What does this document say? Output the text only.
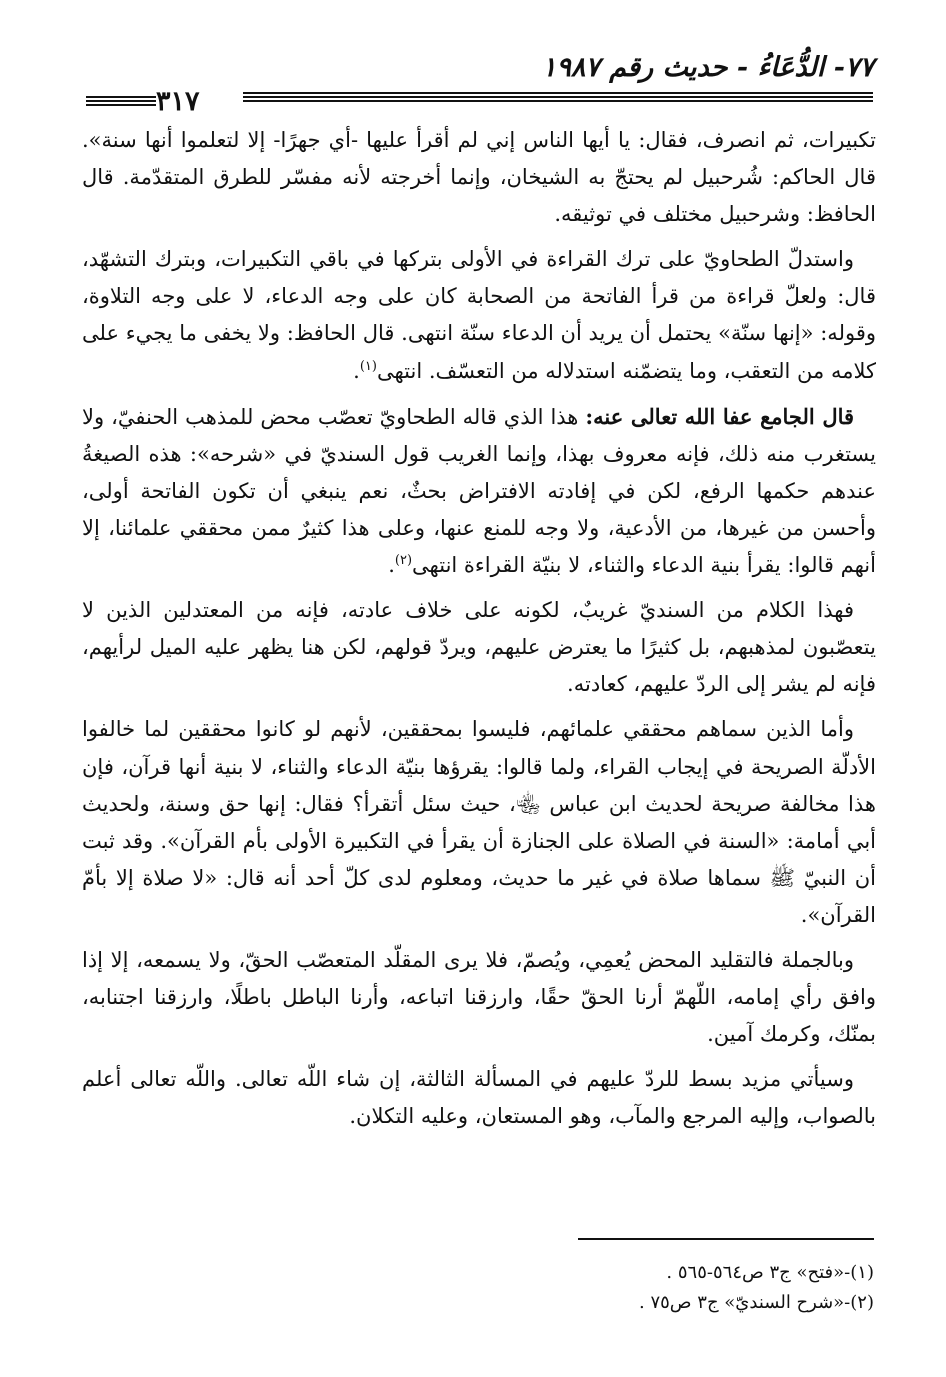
٧٧- الدُّعَاءُ - حديث رقم ١٩٨٧
٣١٧

تكبيرات، ثم انصرف، فقال: يا أيها الناس إني لم أقرأ عليها -أي جهرًا- إلا لتعلموا أنها سنة». قال الحاكم: شُرحبيل لم يحتجّ به الشيخان، وإنما أخرجته لأنه مفسّر للطرق المتقدّمة. قال الحافظ: وشرحبيل مختلف في توثيقه.

واستدلّ الطحاويّ على ترك القراءة في الأولى بتركها في باقي التكبيرات، وبترك التشهّد، قال: ولعلّ قراءة من قرأ الفاتحة من الصحابة كان على وجه الدعاء، لا على وجه التلاوة، وقوله: «إنها سنّة» يحتمل أن يريد أن الدعاء سنّة انتهى. قال الحافظ: ولا يخفى ما يجيء على كلامه من التعقب، وما يتضمّنه استدلاله من التعسّف. انتهى$^{(١)}$.

قال الجامع عفا الله تعالى عنه: هذا الذي قاله الطحاويّ تعصّب محض للمذهب الحنفيّ، ولا يستغرب منه ذلك، فإنه معروف بهذا، وإنما الغريب قول السنديّ في «شرحه»: هذه الصيغةُ عندهم حكمها الرفع، لكن في إفادته الافتراض بحثٌ، نعم ينبغي أن تكون الفاتحة أولى، وأحسن من غيرها، من الأدعية، ولا وجه للمنع عنها، وعلى هذا كثيرٌ ممن محققي علمائنا، إلا أنهم قالوا: يقرأ بنية الدعاء والثناء، لا بنيّة القراءة انتهى$^{(٢)}$.

فهذا الكلام من السنديّ غريبٌ، لكونه على خلاف عادته، فإنه من المعتدلين الذين لا يتعصّبون لمذهبهم، بل كثيرًا ما يعترض عليهم، ويردّ قولهم، لكن هنا يظهر عليه الميل لرأيهم، فإنه لم يشر إلى الردّ عليهم، كعادته.

وأما الذين سماهم محققي علمائهم، فليسوا بمحققين، لأنهم لو كانوا محققين لما خالفوا الأدلّة الصريحة في إيجاب القراء، ولما قالوا: يقرؤها بنيّة الدعاء والثناء، لا بنية أنها قرآن، فإن هذا مخالفة صريحة لحديث ابن عباس ﵄، حيث سئل أتقرأ؟ فقال: إنها حق وسنة، ولحديث أبي أمامة: «السنة في الصلاة على الجنازة أن يقرأ في التكبيرة الأولى بأم القرآن». وقد ثبت أن النبيّ ﷺ سماها صلاة في غير ما حديث، ومعلوم لدى كلّ أحد أنه قال: «لا صلاة إلا بأمّ القرآن».

وبالجملة فالتقليد المحض يُعمِي، ويُصمّ، فلا يرى المقلّد المتعصّب الحقّ، ولا يسمعه، إلا إذا وافق رأي إمامه، اللّهمّ أرنا الحقّ حقًا، وارزقنا اتباعه، وأرنا الباطل باطلًا، وارزقنا اجتنابه، بمنّك، وكرمك آمين.

وسيأتي مزيد بسط للردّ عليهم في المسألة الثالثة، إن شاء اللّه تعالى. واللّه تعالى أعلم بالصواب، وإليه المرجع والمآب، وهو المستعان، وعليه التكلان.

(١)-«فتح» ج٣ ص٥٦٤-٥٦٥ .
(٢)-«شرح السنديّ» ج٣ ص٧٥ .
